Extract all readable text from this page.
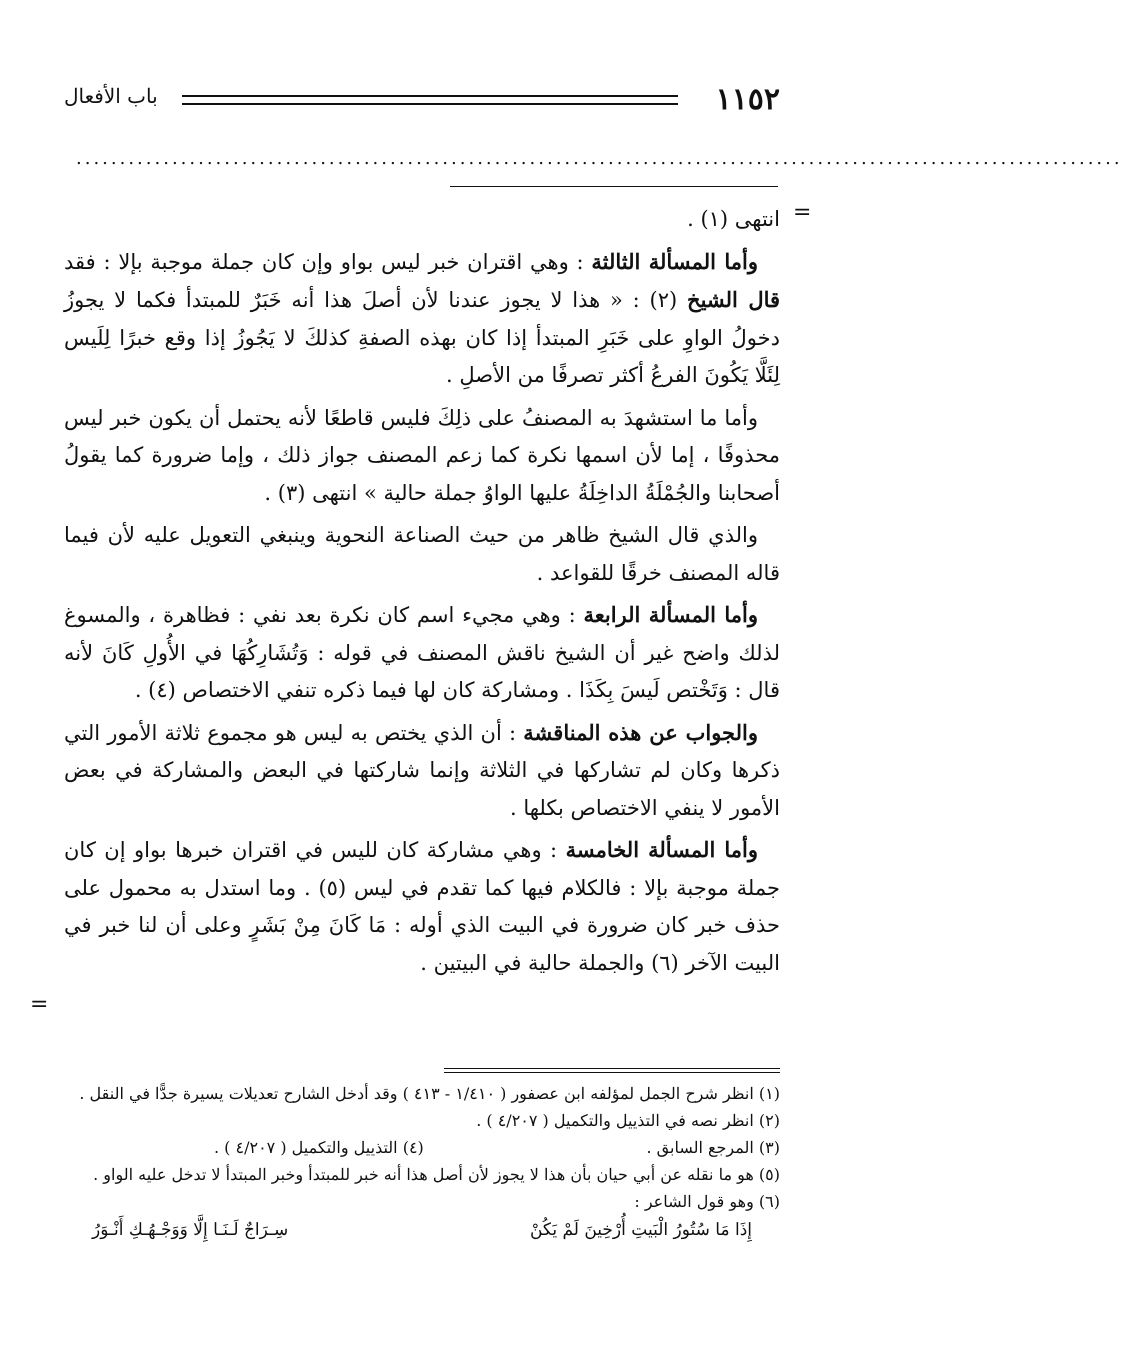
١١٥٢
باب الأفعال
........................................................................................................................
=
=

انتهى (١) .

وأما المسألة الثالثة : وهي اقتران خبر ليس بواو وإن كان جملة موجبة بإلا : فقد قال الشيخ (٢) : « هذا لا يجوز عندنا لأن أصلَ هذا أنه خَبَرٌ للمبتدأ فكما لا يجوزُ دخولُ الواوِ على خَبَرِ المبتدأ إذا كان بهذه الصفةِ كذلكَ لا يَجُوزُ إذا وقع خبرًا لِلَيس لِئَلَّا يَكُونَ الفرعُ أكثر تصرفًا من الأصلِ .

وأما ما استشهدَ به المصنفُ على ذلِكَ فليس قاطعًا لأنه يحتمل أن يكون خبر ليس محذوفًا ، إما لأن اسمها نكرة كما زعم المصنف جواز ذلك ، وإما ضرورة كما يقولُ أصحابنا والجُمْلَةُ الداخِلَةُ عليها الواوُ جملة حالية » انتهى (٣) .

والذي قال الشيخ ظاهر من حيث الصناعة النحوية وينبغي التعويل عليه لأن فيما قاله المصنف خرقًا للقواعد .

وأما المسألة الرابعة : وهي مجيء اسم كان نكرة بعد نفي : فظاهرة ، والمسوغ لذلك واضح غير أن الشيخ ناقش المصنف في قوله : وَتُشَارِكُهَا في الأُولِ كَانَ لأنه قال : وَتَخْتص لَيسَ بِكَذَا . ومشاركة كان لها فيما ذكره تنفي الاختصاص (٤) .

والجواب عن هذه المناقشة : أن الذي يختص به ليس هو مجموع ثلاثة الأمور التي ذكرها وكان لم تشاركها في الثلاثة وإنما شاركتها في البعض والمشاركة في بعض الأمور لا ينفي الاختصاص بكلها .

وأما المسألة الخامسة : وهي مشاركة كان لليس في اقتران خبرها بواو إن كان جملة موجبة بإلا : فالكلام فيها كما تقدم في ليس (٥) . وما استدل به محمول على حذف خبر كان ضرورة في البيت الذي أوله : مَا كَانَ مِنْ بَشَرٍ وعلى أن لنا خبر في البيت الآخر (٦) والجملة حالية في البيتين .

(١) انظر شرح الجمل لمؤلفه ابن عصفور ( ١/٤١٠ - ٤١٣ ) وقد أدخل الشارح تعديلات يسيرة جدًّا في النقل .

(٢) انظر نصه في التذييل والتكميل ( ٤/٢٠٧ ) .

(٣) المرجع السابق .
(٤) التذييل والتكميل ( ٤/٢٠٧ ) .

(٥) هو ما نقله عن أبي حيان بأن هذا لا يجوز لأن أصل هذا أنه خبر للمبتدأ وخبر المبتدأ لا تدخل عليه الواو .

(٦) وهو قول الشاعر :

إِذَا مَا سُتُورُ الْبَيتِ أُرْخِينَ لَمْ يَكُنْ
سِـرَاجٌ لَـنَـا إِلَّا وَوَجْـهُـكِ أَنْـوَرُ
